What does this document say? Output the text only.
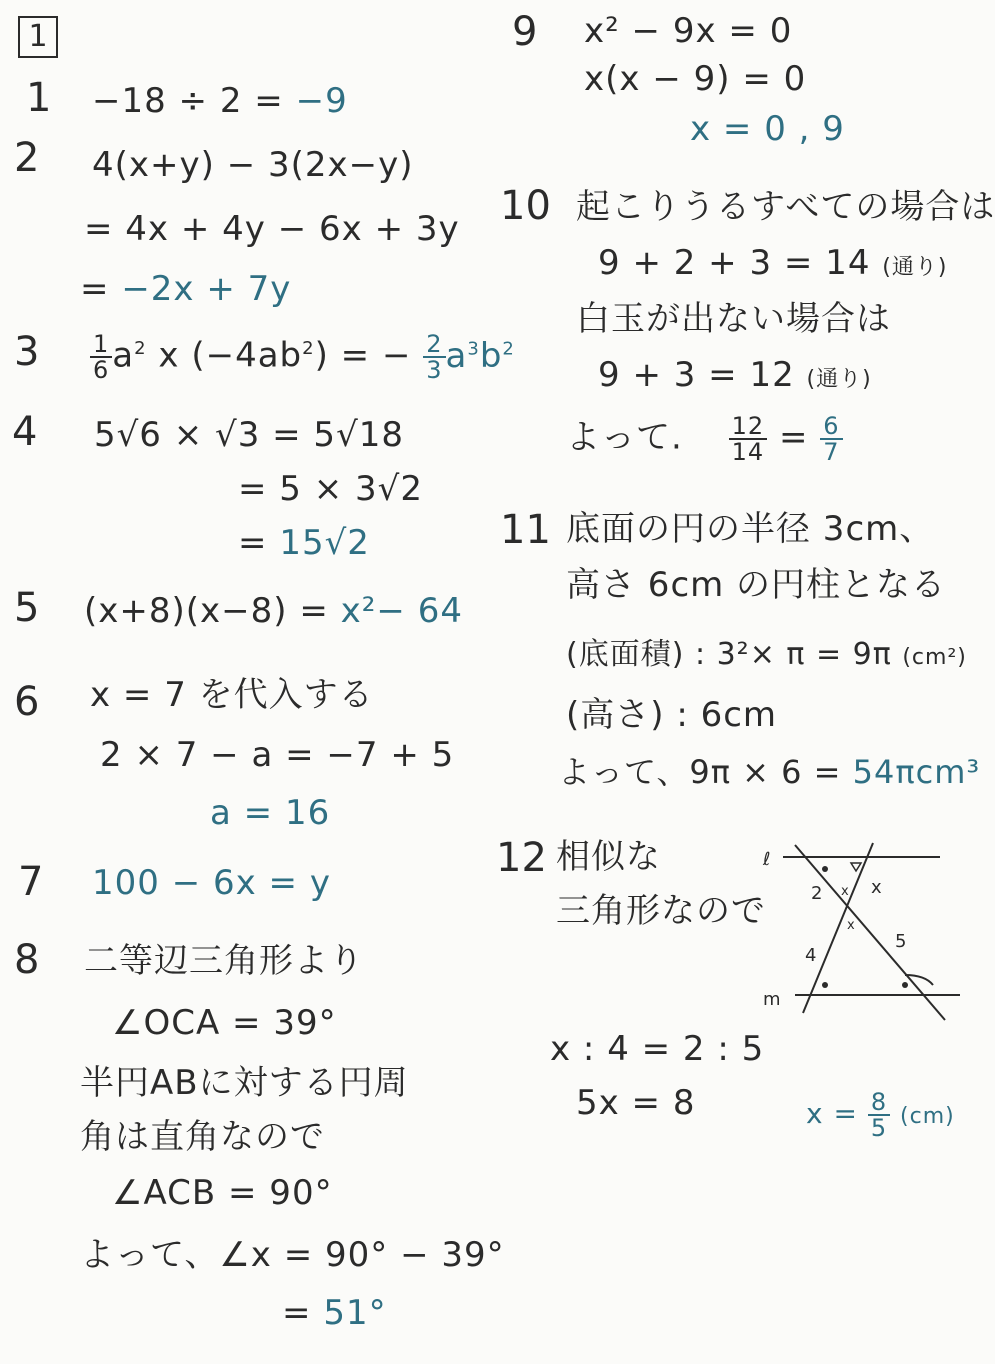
1
1
2
3
4
5
6
7
8
9
10
11
12
−18 ÷ 2 = −9
4(x+y) − 3(2x−y)
= 4x + 4y − 6x + 3y
= −2x + 7y
$\frac{1}{6} a^2$ x $(-4ab^2)$ = − $\frac{2}{3} a^3b^2$
5√6 × √3 = 5√18
= 5 × 3√2
= 15√2
(x+8)(x−8) = x²− 64
x = 7 を代入する
2 × 7 − a = −7 + 5
a = 16
100 − 6x = y
二等辺三角形より
∠OCA = 39°
半円ABに対する円周
角は直角なので
∠ACB = 90°
よって、∠x = 90° − 39°
= 51°
x² − 9x = 0
x(x − 9) = 0
x = 0 , 9
起こりうるすべての場合は
9 + 2 + 3 = 14 (通り)
白玉が出ない場合は
9 + 3 = 12 (通り)
よって. $\frac{12}{14} = \frac{6}{7}$
底面の円の半径 3cm、
高さ 6cm の円柱となる
(底面積) : 3²× π = 9π (cm²)
(高さ) : 6cm
よって、9π × 6 = 54πcm³
相似な
三角形なので
x : 4 = 2 : 5
5x = 8	$x = \frac{8}{5} (cm)$
ℓ
m
2	x
4
5
x
x
